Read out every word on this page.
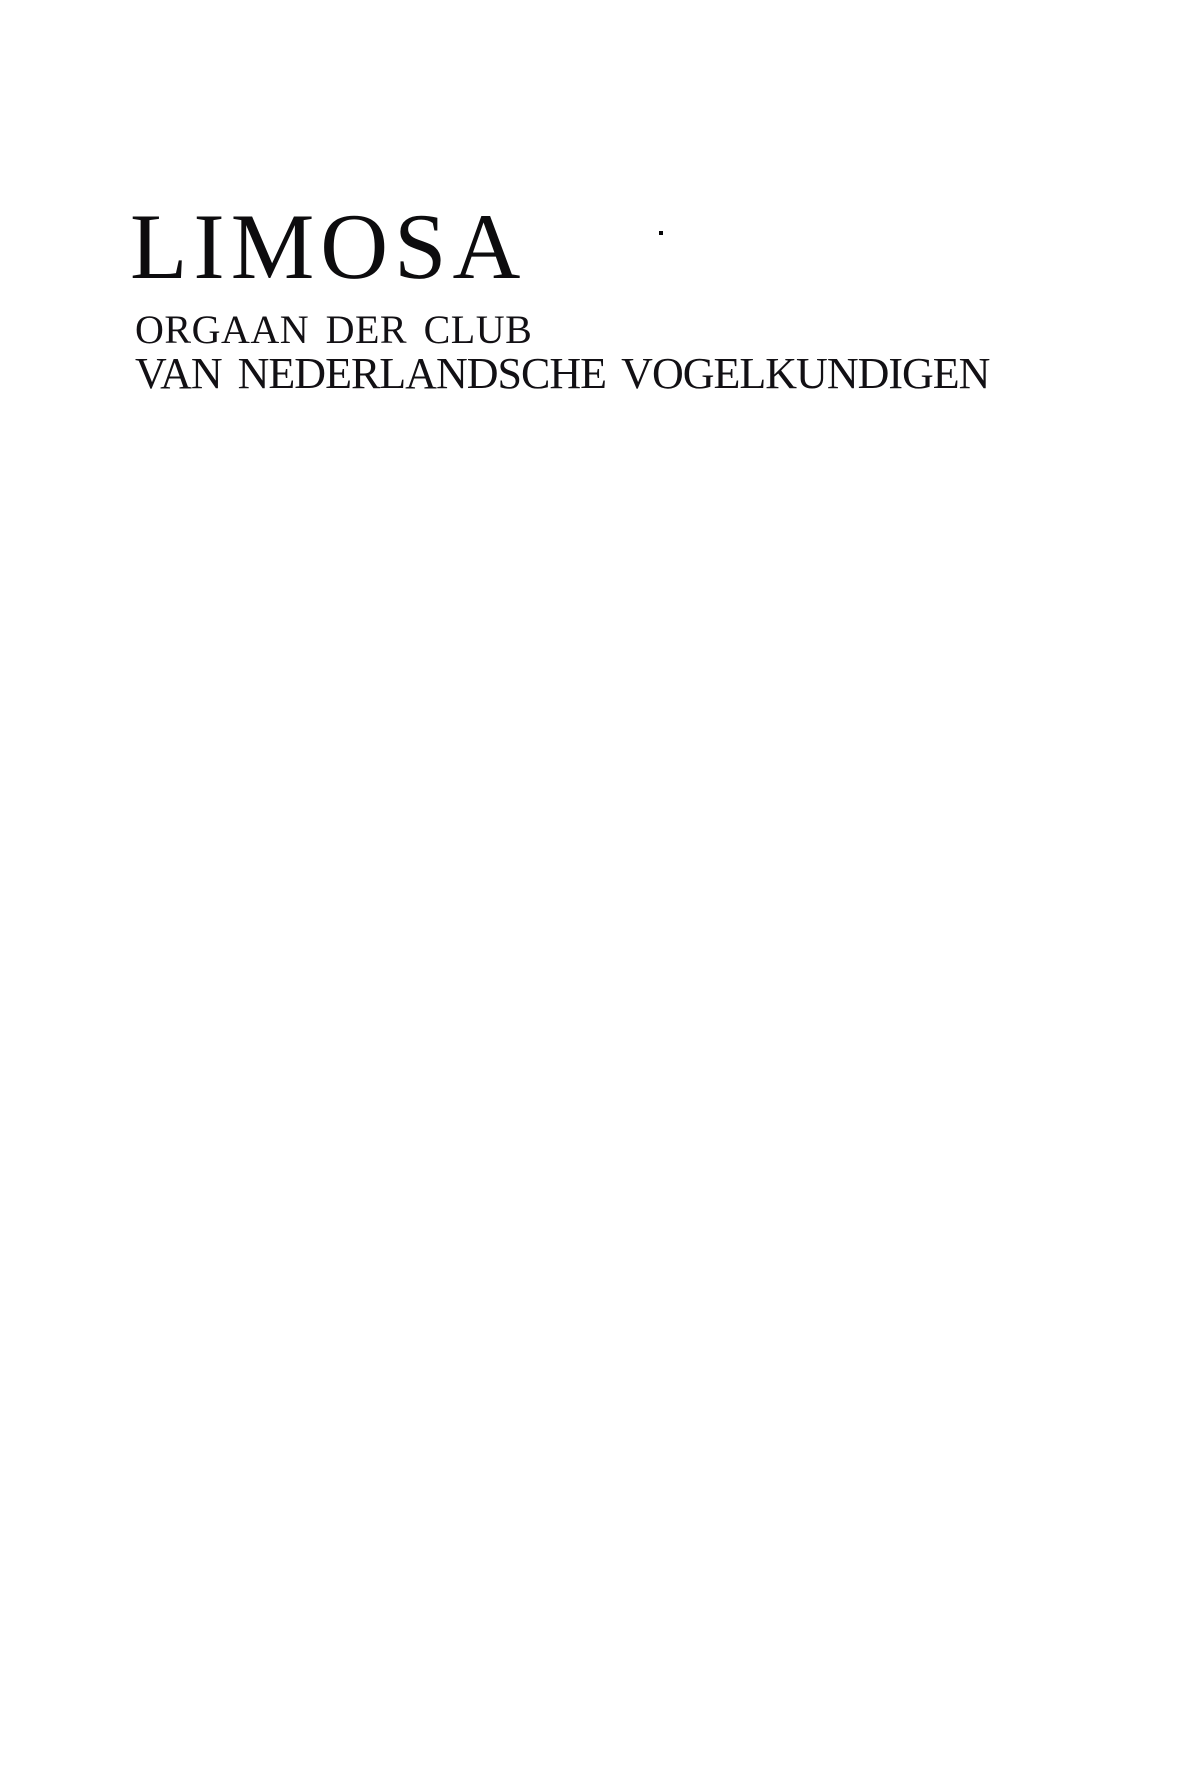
LIMOSA

ORGAAN DER CLUB

VAN NEDERLANDSCHE VOGELKUNDIGEN
